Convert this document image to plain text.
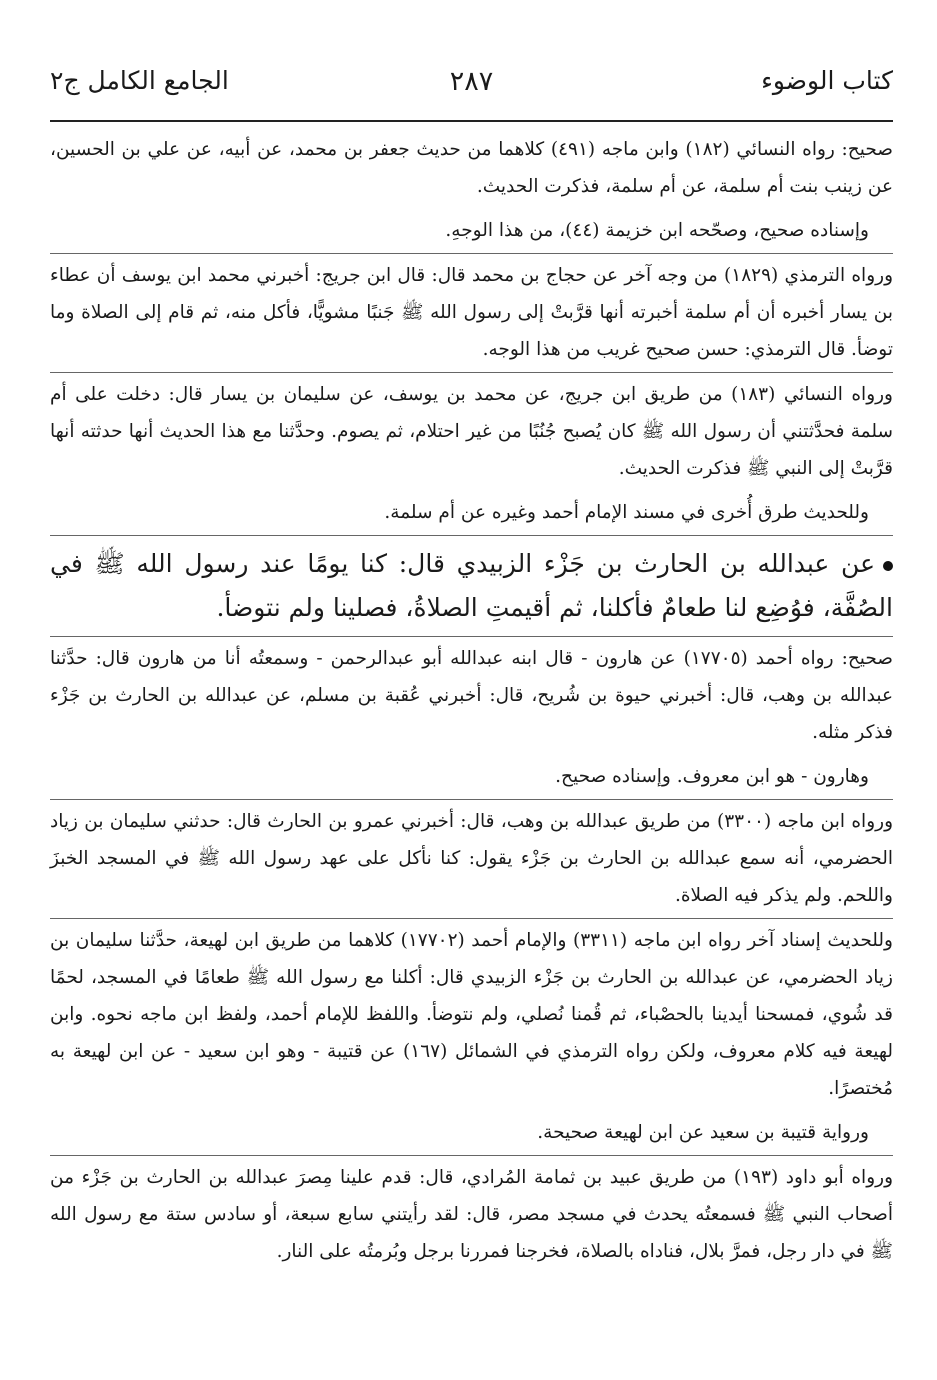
كتاب الوضوء
٢٨٧
الجامع الكامل ج٢

صحيح: رواه النسائي (١٨٢) وابن ماجه (٤٩١) كلاهما من حديث جعفر بن محمد، عن أبيه، عن علي بن الحسين، عن زينب بنت أم سلمة، عن أم سلمة، فذكرت الحديث.

وإسناده صحيح، وصحّحه ابن خزيمة (٤٤)، من هذا الوجهِ.

ورواه الترمذي (١٨٢٩) من وجه آخر عن حجاج بن محمد قال: قال ابن جريج: أخبرني محمد ابن يوسف أن عطاء بن يسار أخبره أن أم سلمة أخبرته أنها قرَّبتْ إلى رسول الله ﷺ جَنبًا مشويًّا، فأكل منه، ثم قام إلى الصلاة وما توضأ. قال الترمذي: حسن صحيح غريب من هذا الوجه.

ورواه النسائي (١٨٣) من طريق ابن جريج، عن محمد بن يوسف، عن سليمان بن يسار قال: دخلت على أم سلمة فحدَّثتني أن رسول الله ﷺ كان يُصبح جُنُبًا من غير احتلام، ثم يصوم. وحدَّثنا مع هذا الحديث أنها حدثته أنها قرَّبتْ إلى النبي ﷺ فذكرت الحديث.

وللحديث طرق أُخرى في مسند الإمام أحمد وغيره عن أم سلمة.

عن عبدالله بن الحارث بن جَزْء الزبيدي قال: كنا يومًا عند رسول الله ﷺ في الصُفَّة، فوُضِع لنا طعامٌ فأكلنا، ثم أقيمتِ الصلاةُ، فصلينا ولم نتوضأ.

صحيح: رواه أحمد (١٧٧٠٥) عن هارون - قال ابنه عبدالله أبو عبدالرحمن - وسمعتُه أنا من هارون قال: حدَّثنا عبدالله بن وهب، قال: أخبرني حيوة بن شُريح، قال: أخبرني عُقبة بن مسلم، عن عبدالله بن الحارث بن جَزْء فذكر مثله.

وهارون - هو ابن معروف. وإسناده صحيح.

ورواه ابن ماجه (٣٣٠٠) من طريق عبدالله بن وهب، قال: أخبرني عمرو بن الحارث قال: حدثني سليمان بن زياد الحضرمي، أنه سمع عبدالله بن الحارث بن جَزْء يقول: كنا نأكل على عهد رسول الله ﷺ في المسجد الخبزَ واللحم. ولم يذكر فيه الصلاة.

وللحديث إسناد آخر رواه ابن ماجه (٣٣١١) والإمام أحمد (١٧٧٠٢) كلاهما من طريق ابن لهيعة، حدَّثنا سليمان بن زياد الحضرمي، عن عبدالله بن الحارث بن جَزْء الزبيدي قال: أكلنا مع رسول الله ﷺ طعامًا في المسجد، لحمًا قد شُوي، فمسحنا أيدينا بالحصْباء، ثم قُمنا نُصلي، ولم نتوضأ. واللفظ للإمام أحمد، ولفظ ابن ماجه نحوه. وابن لهيعة فيه كلام معروف، ولكن رواه الترمذي في الشمائل (١٦٧) عن قتيبة - وهو ابن سعيد - عن ابن لهيعة به مُختصرًا.

ورواية قتيبة بن سعيد عن ابن لهيعة صحيحة.

ورواه أبو داود (١٩٣) من طريق عبيد بن ثمامة المُرادي، قال: قدم علينا مِصرَ عبدالله بن الحارث بن جَزْء من أصحاب النبي ﷺ فسمعتُه يحدث في مسجد مصر، قال: لقد رأيتني سابع سبعة، أو سادس ستة مع رسول الله ﷺ في دار رجل، فمرَّ بلال، فناداه بالصلاة، فخرجنا فمررنا برجل وبُرمتُه على النار.
